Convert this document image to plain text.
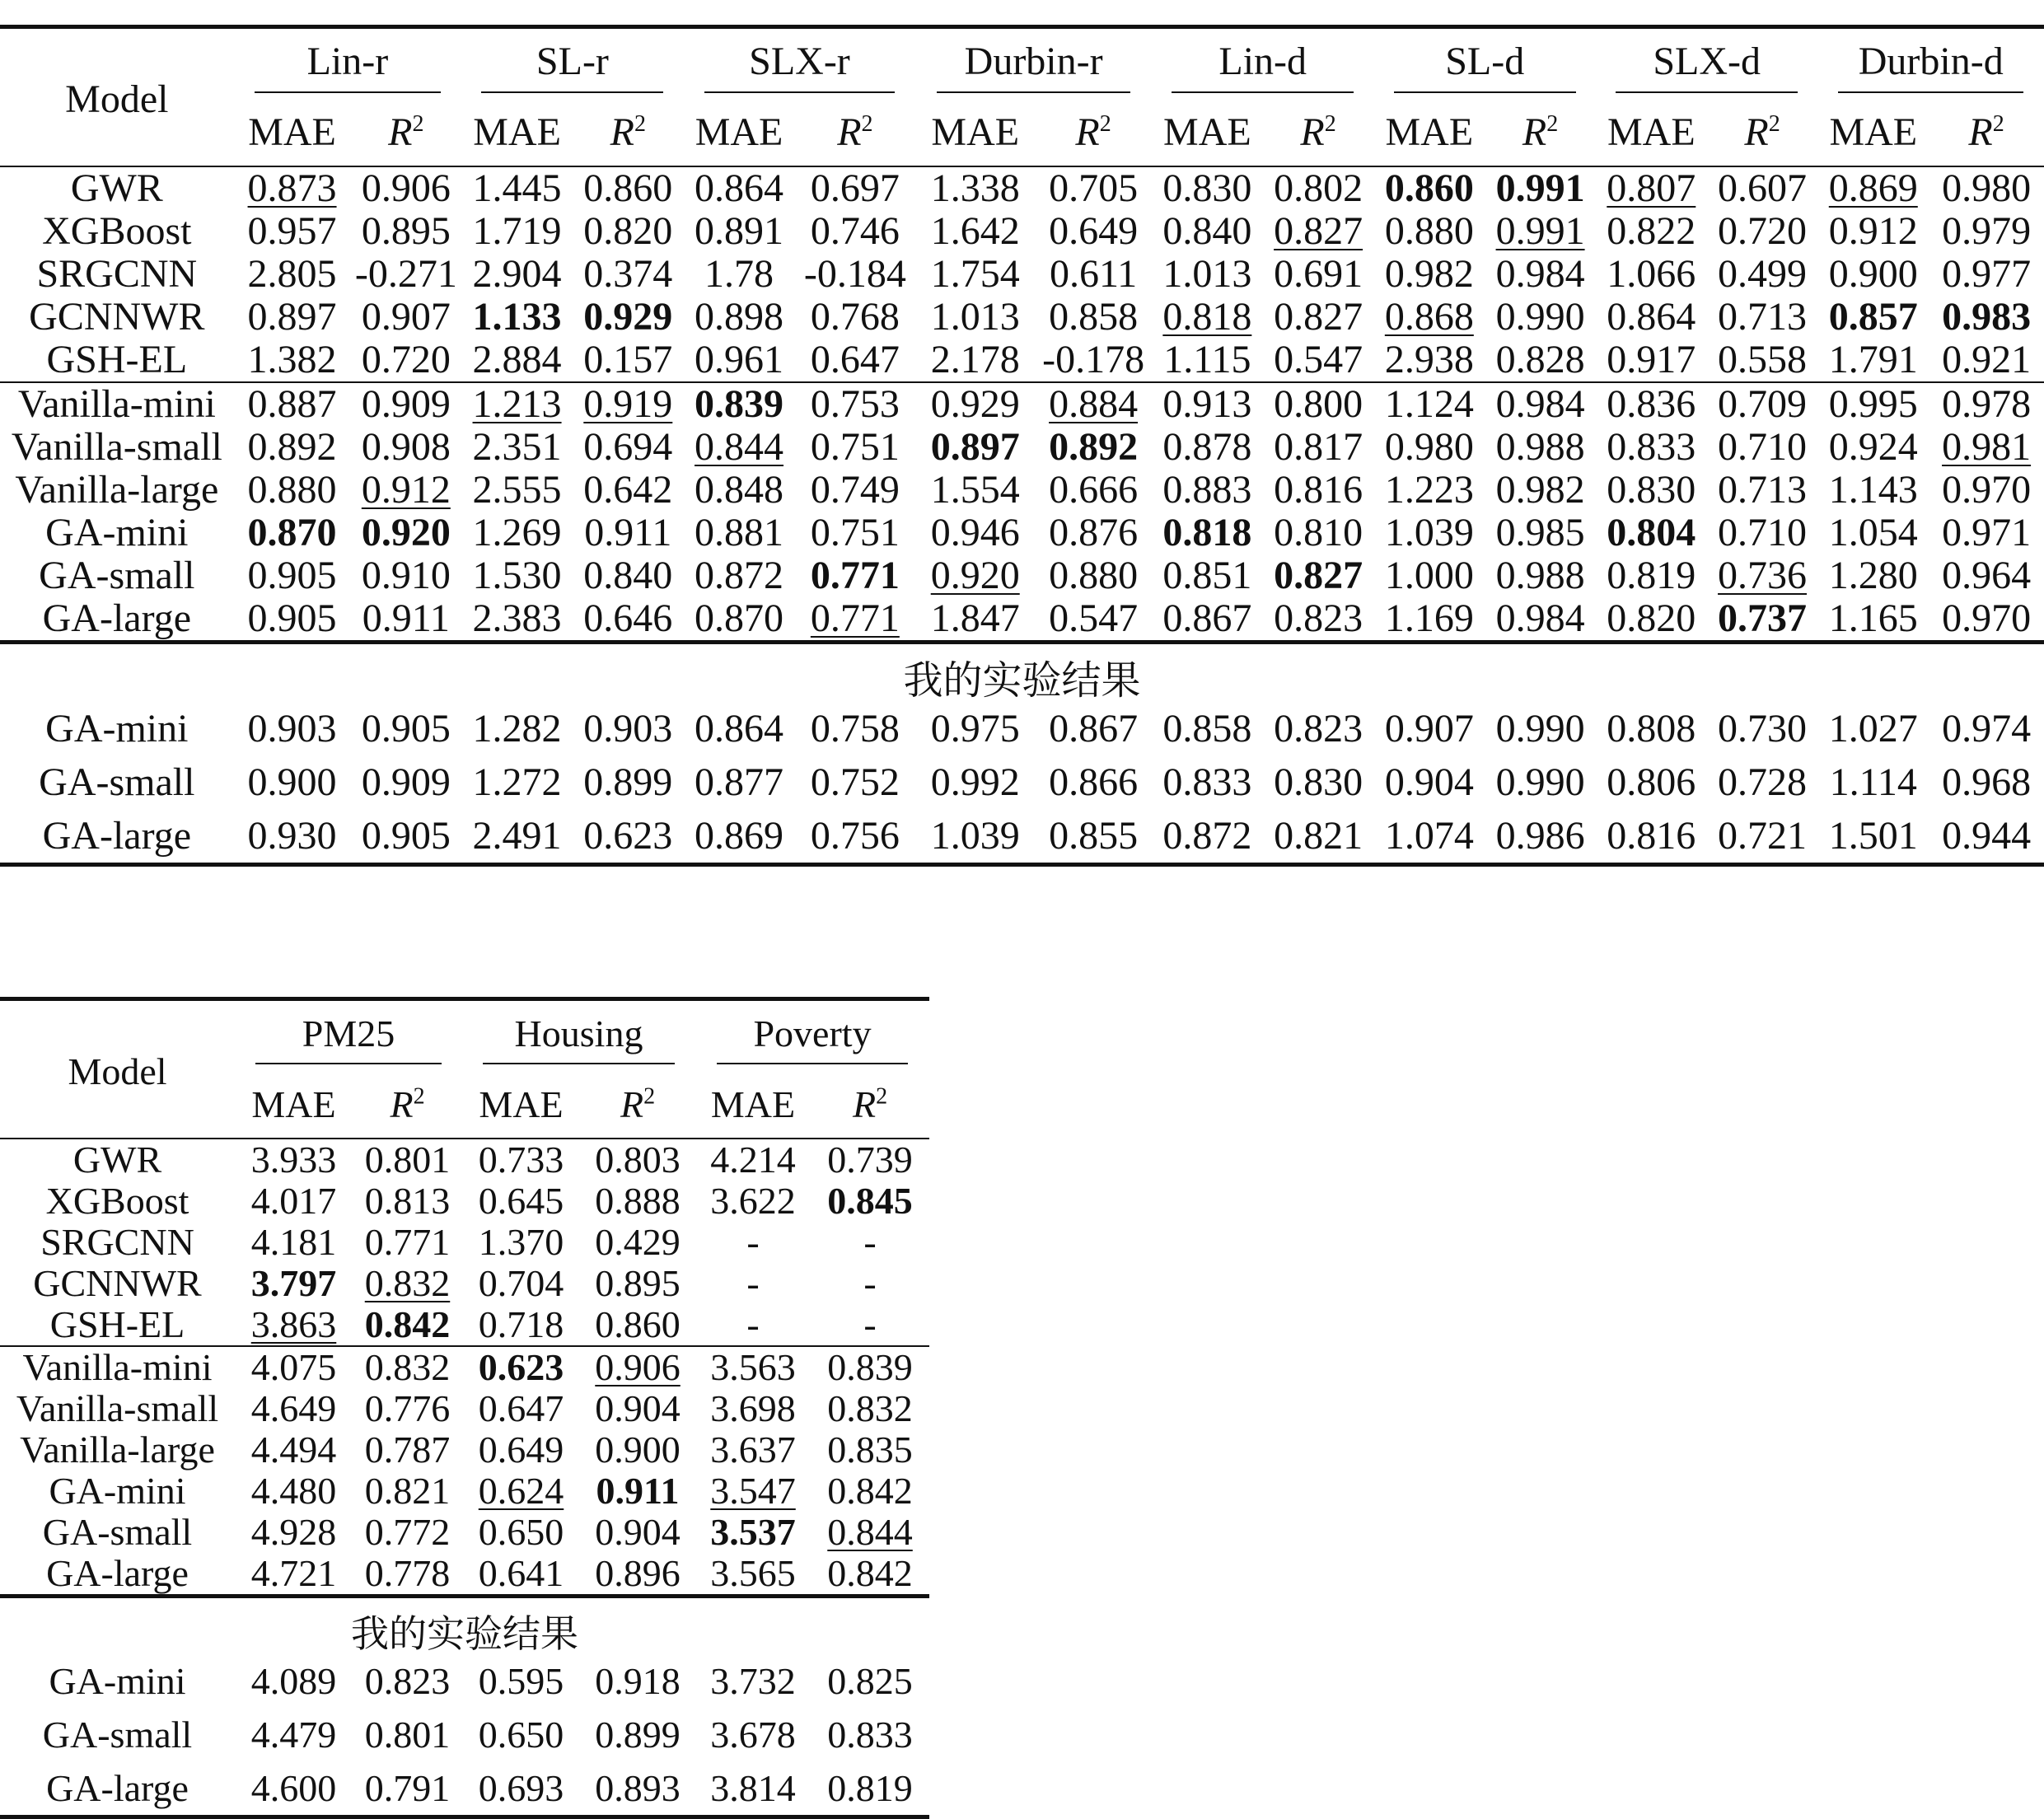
Model	Lin-r		SL-r		SLX-r		Durbin-r		Lin-d		SL-d		SLX-d		Durbin-d	
	MAE	$R^2$	MAE	$R^2$	MAE	$R^2$	MAE	$R^2$	MAE	$R^2$	MAE	$R^2$	MAE	$R^2$	MAE	$R^2$
GWR	0.873	0.906	1.445	0.860	0.864	0.697	1.338	0.705	0.830	0.802	0.860	0.991	0.807	0.607	0.869	0.980
XGBoost	0.957	0.895	1.719	0.820	0.891	0.746	1.642	0.649	0.840	0.827	0.880	0.991	0.822	0.720	0.912	0.979
SRGCNN	2.805	-0.271	2.904	0.374	1.78	-0.184	1.754	0.611	1.013	0.691	0.982	0.984	1.066	0.499	0.900	0.977
GCNNWR	0.897	0.907	1.133	0.929	0.898	0.768	1.013	0.858	0.818	0.827	0.868	0.990	0.864	0.713	0.857	0.983
GSH-EL	1.382	0.720	2.884	0.157	0.961	0.647	2.178	-0.178	1.115	0.547	2.938	0.828	0.917	0.558	1.791	0.921
Vanilla-mini	0.887	0.909	1.213	0.919	0.839	0.753	0.929	0.884	0.913	0.800	1.124	0.984	0.836	0.709	0.995	0.978
Vanilla-small	0.892	0.908	2.351	0.694	0.844	0.751	0.897	0.892	0.878	0.817	0.980	0.988	0.833	0.710	0.924	0.981
Vanilla-large	0.880	0.912	2.555	0.642	0.848	0.749	1.554	0.666	0.883	0.816	1.223	0.982	0.830	0.713	1.143	0.970
GA-mini	0.870	0.920	1.269	0.911	0.881	0.751	0.946	0.876	0.818	0.810	1.039	0.985	0.804	0.710	1.054	0.971
GA-small	0.905	0.910	1.530	0.840	0.872	0.771	0.920	0.880	0.851	0.827	1.000	0.988	0.819	0.736	1.280	0.964
GA-large	0.905	0.911	2.383	0.646	0.870	0.771	1.847	0.547	0.867	0.823	1.169	0.984	0.820	0.737	1.165	0.970

我的实验结果																
GA-mini	0.903	0.905	1.282	0.903	0.864	0.758	0.975	0.867	0.858	0.823	0.907	0.990	0.808	0.730	1.027	0.974
GA-small	0.900	0.909	1.272	0.899	0.877	0.752	0.992	0.866	0.833	0.830	0.904	0.990	0.806	0.728	1.114	0.968
GA-large	0.930	0.905	2.491	0.623	0.869	0.756	1.039	0.855	0.872	0.821	1.074	0.986	0.816	0.721	1.501	0.944
Model	PM25		Housing		Poverty	
	MAE	$R^2$	MAE	$R^2$	MAE	$R^2$
GWR	3.933	0.801	0.733	0.803	4.214	0.739
XGBoost	4.017	0.813	0.645	0.888	3.622	0.845
SRGCNN	4.181	0.771	1.370	0.429	-	-
GCNNWR	3.797	0.832	0.704	0.895	-	-
GSH-EL	3.863	0.842	0.718	0.860	-	-
Vanilla-mini	4.075	0.832	0.623	0.906	3.563	0.839
Vanilla-small	4.649	0.776	0.647	0.904	3.698	0.832
Vanilla-large	4.494	0.787	0.649	0.900	3.637	0.835
GA-mini	4.480	0.821	0.624	0.911	3.547	0.842
GA-small	4.928	0.772	0.650	0.904	3.537	0.844
GA-large	4.721	0.778	0.641	0.896	3.565	0.842

我的实验结果						
GA-mini	4.089	0.823	0.595	0.918	3.732	0.825
GA-small	4.479	0.801	0.650	0.899	3.678	0.833
GA-large	4.600	0.791	0.693	0.893	3.814	0.819
